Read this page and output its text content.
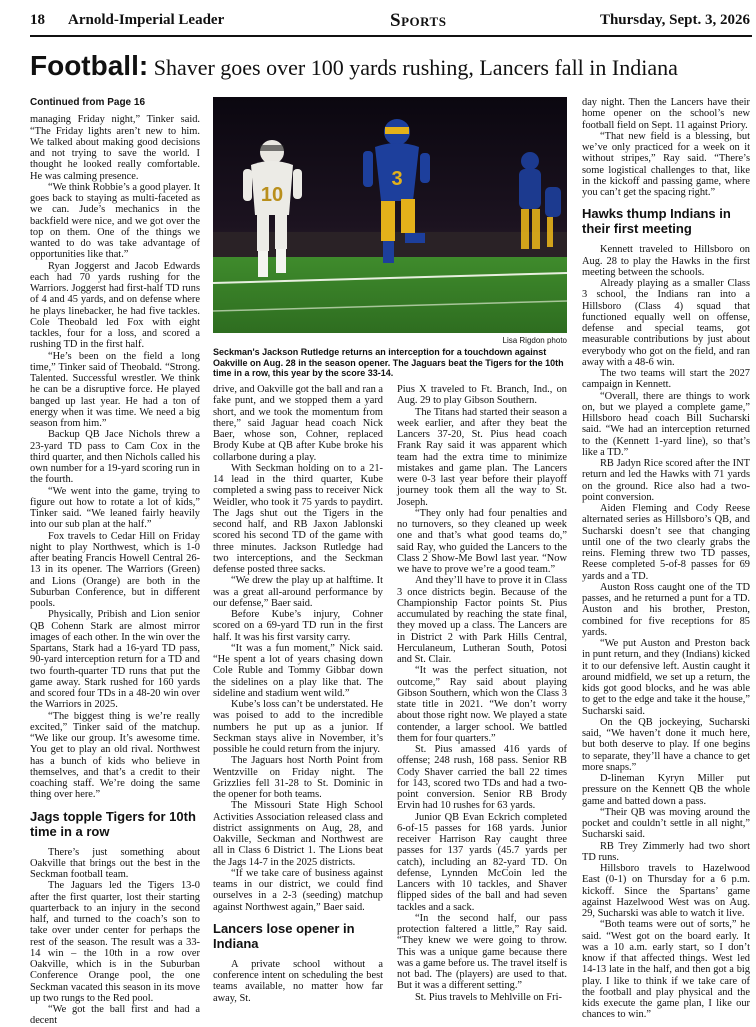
18 Arnold-Imperial Leader	Sports	Thursday, Sept. 3, 2026
Football: Shaver goes over 100 yards rushing, Lancers fall in Indiana
Continued from Page 16

managing Friday night,” Tinker said. “The Friday lights aren’t new to him. We talked about making good decisions and not trying to save the world. I thought he looked really comfortable. He was calming presence.

“We think Robbie’s a good player. It goes back to staying as multi-faceted as we can. Jude’s mechanics in the backfield were nice, and we got over the top on them. One of the things we wanted to do was take advantage of opportunities like that.”

Ryan Joggerst and Jacob Edwards each had 70 yards rushing for the Warriors. Joggerst had first-half TD runs of 4 and 45 yards, and on defense where he plays linebacker, he had five tackles. Cole Theobald led Fox with eight tackles, four for a loss, and scored a rushing TD in the first half.

“He’s been on the field a long time,” Tinker said of Theobald. “Strong. Talented. Successful wrestler. We think he can be a disruptive force. He played banged up last year. He had a ton of energy when it was time. We need a big season from him.”

Backup QB Jace Nichols threw a 23-yard TD pass to Cam Cox in the third quarter, and then Nichols called his own number for a 19-yard scoring run in the fourth.

“We went into the game, trying to figure out how to rotate a lot of kids,” Tinker said. “We leaned fairly heavily into our sub plan at the half.”

Fox travels to Cedar Hill on Friday night to play Northwest, which is 1-0 after beating Francis Howell Central 26-13 in its opener. The Warriors (Green) and Lions (Orange) are both in the Suburban Conference, but in different pools.

Physically, Pribish and Lion senior QB Cohenn Stark are almost mirror images of each other. In the win over the Spartans, Stark had a 16-yard TD pass, 90-yard interception return for a TD and two fourth-quarter TD runs that put the game away. Stark rushed for 160 yards and scored four TDs in a 48-20 win over the Warriors in 2025.

“The biggest thing is we’re really excited,” Tinker said of the matchup. “We like our group. It’s awesome time. You get to play an old rival. Northwest has a bunch of kids who believe in themselves, and that’s a credit to their coaching staff. We’re doing the same thing over here.”

Jags topple Tigers for 10th time in a row

There’s just something about Oakville that brings out the best in the Seckman football team.

The Jaguars led the Tigers 13-0 after the first quarter, lost their starting quarterback to an injury in the second half, and turned to the coach’s son to take over under center for perhaps the rest of the season. The result was a 33-14 win – the 10th in a row over Oakville, which is in the Suburban Conference Orange pool, the one Seckman vacated this season in its move up two rungs to the Red pool.

“We got the ball first and had a decent

10
3
Lisa Rigdon photo
Seckman's Jackson Rutledge returns an interception for a touchdown against Oakville on Aug. 28 in the season opener. The Jaguars beat the Tigers for the 10th time in a row, this year by the score 33-14.

drive, and Oakville got the ball and ran a fake punt, and we stopped them a yard short, and we took the momentum from there,” said Jaguar head coach Nick Baer, whose son, Cohner, replaced Brody Kube at QB after Kube broke his collarbone during a play.

With Seckman holding on to a 21-14 lead in the third quarter, Kube completed a swing pass to receiver Nick Weidler, who took it 75 yards to paydirt. The Jags shut out the Tigers in the second half, and RB Jaxon Jablonski scored his second TD of the game with three minutes. Jackson Rutledge had two interceptions, and the Seckman defense posted three sacks.

“We drew the play up at halftime. It was a great all-around performance by our defense,” Baer said.

Before Kube’s injury, Cohner scored on a 69-yard TD run in the first half. It was his first varsity carry.

“It was a fun moment,” Nick said. “He spent a lot of years chasing down Cole Ruble and Tommy Gibbar down the sidelines on a play like that. The sideline and stadium went wild.”

Kube’s loss can’t be understated. He was poised to add to the incredible numbers he put up as a junior. If Seckman stays alive in November, it’s possible he could return from the injury.

The Jaguars host North Point from Wentzville on Friday night. The Grizzlies fell 31-28 to St. Dominic in the opener for both teams.

The Missouri State High School Activities Association released class and district assignments on Aug, 28, and Oakville, Seckman and Northwest are all in Class 6 District 1. The Lions beat the Jags 14-7 in the 2025 districts.

“If we take care of business against teams in our district, we could find ourselves in a 2-3 (seeding) matchup against Northwest again,” Baer said.

Lancers lose opener in Indiana

A private school without a conference intent on scheduling the best teams available, no matter how far away, St.

Pius X traveled to Ft. Branch, Ind., on Aug. 29 to play Gibson Southern.

The Titans had started their season a week earlier, and after they beat the Lancers 37-20, St. Pius head coach Frank Ray said it was apparent which team had the extra time to minimize mistakes and game plan. The Lancers were 0-3 last year before their playoff journey took them all the way to St. Joseph.

“They only had four penalties and no turnovers, so they cleaned up week one and that’s what good teams do,” said Ray, who guided the Lancers to the Class 2 Show-Me Bowl last year. “Now we have to prove we’re a good team.”

And they’ll have to prove it in Class 3 once districts begin. Because of the Championship Factor points St. Pius accumulated by reaching the state final, they moved up a class. The Lancers are in District 2 with Park Hills Central, Herculaneum, Lutheran South, Potosi and St. Clair.

“It was the perfect situation, not outcome,” Ray said about playing Gibson Southern, which won the Class 3 state title in 2021. “We don’t worry about those right now. We played a state contender, a larger school. We battled them for four quarters.”

St. Pius amassed 416 yards of offense; 248 rush, 168 pass. Senior RB Cody Shaver carried the ball 22 times for 143, scored two TDs and had a two-point conversion. Senior RB Brody Ervin had 10 rushes for 63 yards.

Junior QB Evan Eckrich completed 6-of-15 passes for 168 yards. Junior receiver Harrison Ray caught three passes for 137 yards (45.7 yards per catch), including an 82-yard TD. On defense, Lynnden McCoin led the Lancers with 10 tackles, and Shaver flipped sides of the ball and had seven tackles and a sack.

“In the second half, our pass protection faltered a little,” Ray said. “They knew we were going to throw. This was a unique game because there was a game before us. The travel itself is not bad. The (players) are used to that. But it was a different setting.”

St. Pius travels to Mehlville on Fri-

day night. Then the Lancers have their home opener on the school’s new football field on Sept. 11 against Priory.

“That new field is a blessing, but we’ve only practiced for a week on it without stripes,” Ray said. “There’s some logistical challenges to that, like in the kickoff and passing game, where you can’t get the spacing right.”

Hawks thump Indians in their first meeting

Kennett traveled to Hillsboro on Aug. 28 to play the Hawks in the first meeting between the schools.

Already playing as a smaller Class 3 school, the Indians ran into a Hillsboro (Class 4) squad that functioned equally well on offense, defense and special teams, got measurable contributions by just about everybody who got on the field, and ran away with a 48-6 win.

The two teams will start the 2027 campaign in Kennett.

“Overall, there are things to work on, but we played a complete game,” Hillsboro head coach Bill Sucharski said. “We had an interception returned to the (Kennett 1-yard line), so that’s like a TD.”

RB Jadyn Rice scored after the INT return and led the Hawks with 71 yards on the ground. Rice also had a two-point conversion.

Aiden Fleming and Cody Reese alternated series as Hillsboro’s QB, and Sucharski doesn’t see that changing until one of the two clearly grabs the reins. Fleming threw two TD passes, Reese completed 5-of-8 passes for 69 yards and a TD.

Auston Ross caught one of the TD passes, and he returned a punt for a TD. Auston and his brother, Preston, combined for five receptions for 85 yards.

“We put Auston and Preston back in punt return, and they (Indians) kicked it to our defensive left. Austin caught it around midfield, we set up a return, the kids got good blocks, and he was able to get to the edge and take it the house,” Sucharski said.

On the QB jockeying, Sucharski said, “We haven’t done it much here, but both deserve to play. If one begins to separate, they’ll have a chance to get more snaps.”

D-lineman Kyryn Miller put pressure on the Kennett QB the whole game and batted down a pass.

“Their QB was moving around the pocket and couldn’t settle in all night,” Sucharski said.

RB Trey Zimmerly had two short TD runs.

Hillsboro travels to Hazelwood East (0-1) on Thursday for a 6 p.m. kickoff. Since the Spartans’ game against Hazelwood West was on Aug. 29, Sucharski was able to watch it live.

“Both teams were out of sorts,” he said. “West got on the board early. It was a 10 a.m. early start, so I don’t know if that affected things. West led 14-13 late in the half, and then got a big play. I like to think if we take care of the football and play physical and the kids execute the game plan, I like our chances to win.”
